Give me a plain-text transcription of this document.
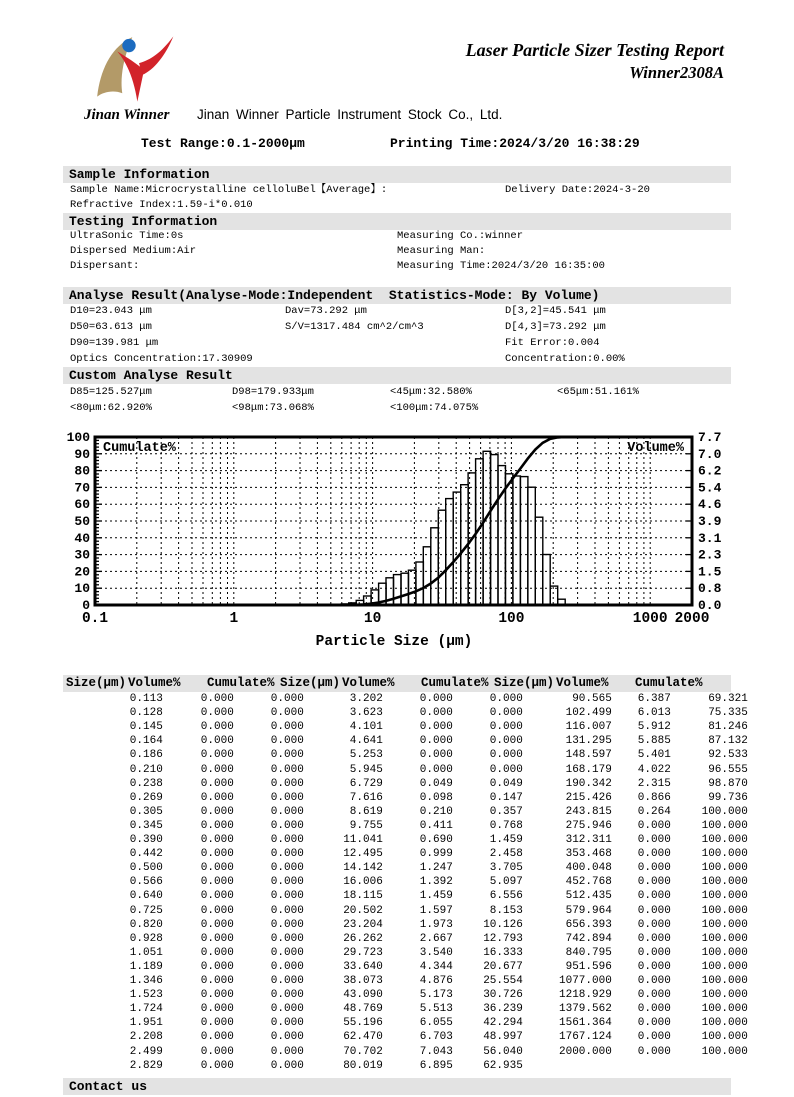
Jinan Winner
Laser Particle Sizer Testing Report
Winner2308A
Jinan Winner Particle Instrument Stock Co., Ltd.
Test Range:0.1-2000μm	Printing Time:2024/3/20 16:38:29
Sample Information
Sample Name:Microcrystalline celloluBel【Average】:	Delivery Date:2024-3-20
Refractive Index:1.59-i*0.010
Testing Information
UltraSonic Time:0s	Measuring Co.:winner
Dispersed Medium:Air	Measuring Man:
Dispersant:	Measuring Time:2024/3/20 16:35:00
Analyse Result(Analyse-Mode:Independent  Statistics-Mode: By Volume)
D10=23.043 μm	Dav=73.292 μm	D[3,2]=45.541 μm
D50=63.613 μm	S/V=1317.484 cm^2/cm^3	D[4,3]=73.292 μm
D90=139.981 μm	Fit Error:0.004
Optics Concentration:17.30909	Concentration:0.00%
Custom Analyse Result
D85=125.527μm	D98=179.933μm	<45μm:32.580%	<65μm:51.161%
<80μm:62.920%	<98μm:73.068%	<100μm:74.075%
0
10
20
30
40
50
60
70
80
90
100
0.0
0.8
1.5
2.3
3.1
3.9
4.6
5.4
6.2
7.0
7.7
0.1	1	10	100	1000 2000
Cumulate%	Volume%
Particle Size (μm)
Size(μm) Volume% Cumulate% Size(μm) Volume% Cumulate% Size(μm) Volume% Cumulate%
0.113 0.000 0.000 3.202 0.000 0.000	90.565 6.387 69.321
0.128 0.000 0.000 3.623 0.000 0.000	102.499 6.013 75.335
0.145 0.000 0.000 4.101 0.000 0.000	116.007 5.912 81.246
0.164 0.000 0.000 4.641 0.000 0.000	131.295 5.885 87.132
0.186 0.000 0.000 5.253 0.000 0.000	148.597 5.401 92.533
0.210 0.000 0.000 5.945 0.000 0.000	168.179 4.022 96.555
0.238 0.000 0.000 6.729 0.049 0.049	190.342 2.315 98.870
0.269 0.000 0.000 7.616 0.098 0.147	215.426 0.866 99.736
0.305 0.000 0.000 8.619 0.210 0.357	243.815 0.264 100.000
0.345 0.000 0.000 9.755 0.411 0.768	275.946 0.000 100.000
0.390 0.000 0.000 11.041 0.690 1.459	312.311 0.000 100.000
0.442 0.000 0.000 12.495 0.999 2.458	353.468 0.000 100.000
0.500 0.000 0.000 14.142 1.247 3.705	400.048 0.000 100.000
0.566 0.000 0.000 16.006 1.392 5.097	452.768 0.000 100.000
0.640 0.000 0.000 18.115 1.459 6.556	512.435 0.000 100.000
0.725 0.000 0.000 20.502 1.597 8.153	579.964 0.000 100.000
0.820 0.000 0.000 23.204 1.973 10.126	656.393 0.000 100.000
0.928 0.000 0.000 26.262 2.667 12.793	742.894 0.000 100.000
1.051 0.000 0.000 29.723 3.540 16.333	840.795 0.000 100.000
1.189 0.000 0.000 33.640 4.344 20.677	951.596 0.000 100.000
1.346 0.000 0.000 38.073 4.876 25.554	1077.000 0.000 100.000
1.523 0.000 0.000 43.090 5.173 30.726	1218.929 0.000 100.000
1.724 0.000 0.000 48.769 5.513 36.239	1379.562 0.000 100.000
1.951 0.000 0.000 55.196 6.055 42.294	1561.364 0.000 100.000
2.208 0.000 0.000 62.470 6.703 48.997	1767.124 0.000 100.000
2.499 0.000 0.000 70.702 7.043 56.040	2000.000 0.000 100.000
2.829 0.000 0.000 80.019 6.895 62.935
Contact us
